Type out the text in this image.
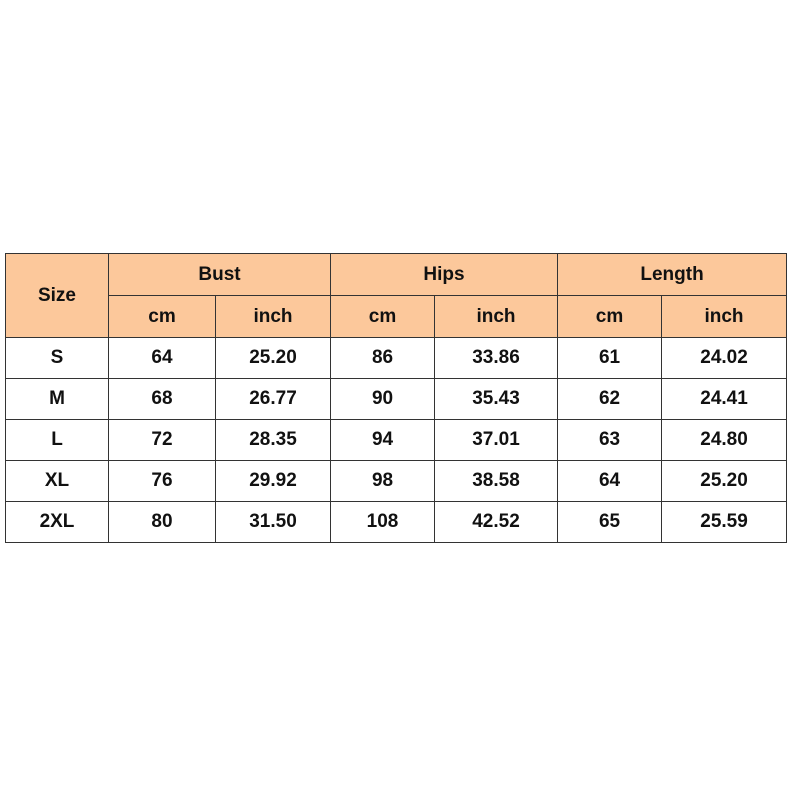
Size	Bust		Hips		Length	
	cm	inch	cm	inch	cm	inch
S	64	25.20	86	33.86	61	24.02
M	68	26.77	90	35.43	62	24.41
L	72	28.35	94	37.01	63	24.80
XL	76	29.92	98	38.58	64	25.20
2XL	80	31.50	108	42.52	65	25.59
